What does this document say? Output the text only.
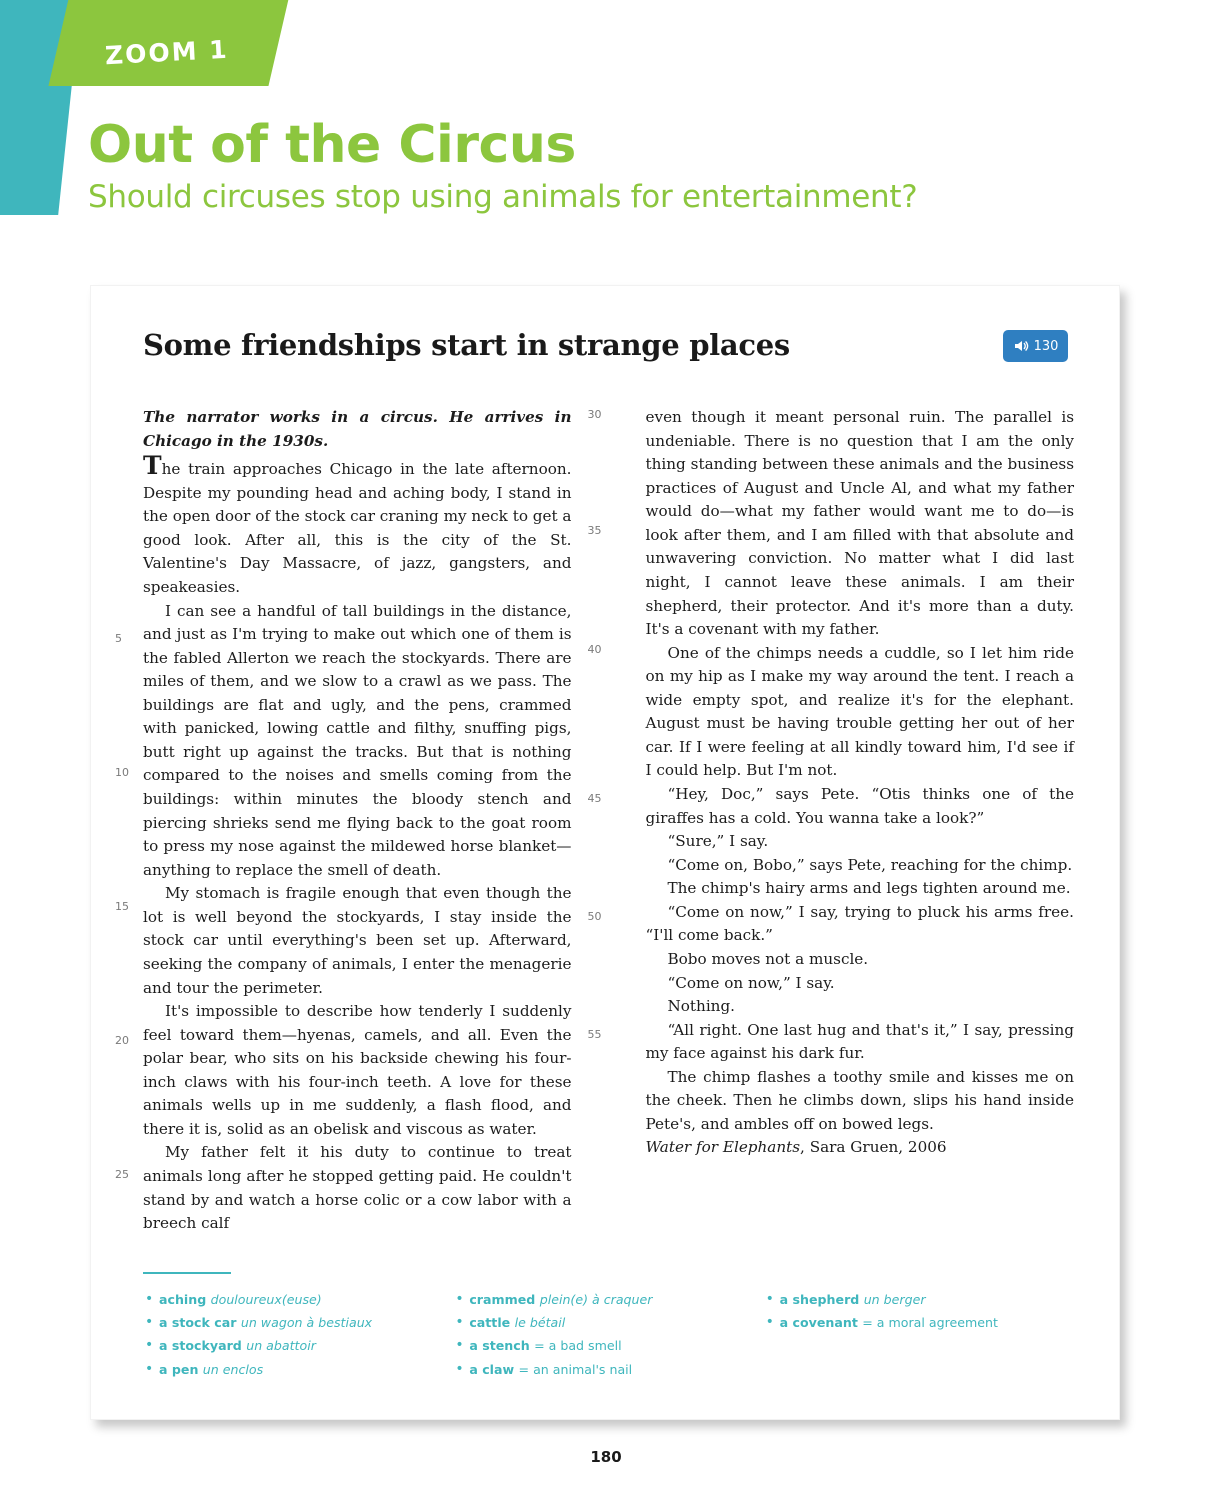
ZOOM 1
Out of the Circus

Should circuses stop using animals for entertainment?

Some friendships start in strange places	130

The narrator works in a circus. He arrives in Chicago in the 1930s.

The train approaches Chicago in the late afternoon. Despite my pounding head and aching body, I stand in the open door of the stock car craning my neck to get a good look. After all, this is the city of the St. Valentine's Day Massacre, of jazz, gangsters, and speakeasies.

I can see a handful of tall buildings in the distance, and just as I'm trying to make out which one of them is the fabled Allerton we reach the stockyards. There are miles of them, and we slow to a crawl as we pass. The buildings are flat and ugly, and the pens, crammed with panicked, lowing cattle and filthy, snuffing pigs, butt right up against the tracks. But that is nothing compared to the noises and smells coming from the buildings: within minutes the bloody stench and piercing shrieks send me flying back to the goat room to press my nose against the mildewed horse blanket—anything to replace the smell of death.

My stomach is fragile enough that even though the lot is well beyond the stockyards, I stay inside the stock car until everything's been set up. Afterward, seeking the company of animals, I enter the menagerie and tour the perimeter.

It's impossible to describe how tenderly I suddenly feel toward them—hyenas, camels, and all. Even the polar bear, who sits on his backside chewing his four-inch claws with his four-inch teeth. A love for these animals wells up in me suddenly, a flash flood, and there it is, solid as an obelisk and viscous as water.

My father felt it his duty to continue to treat animals long after he stopped getting paid. He couldn't stand by and watch a horse colic or a cow labor with a breech calf

5
10
15
20
25

even though it meant personal ruin. The parallel is undeniable. There is no question that I am the only thing standing between these animals and the business practices of August and Uncle Al, and what my father would do—what my father would want me to do—is look after them, and I am filled with that absolute and unwavering conviction. No matter what I did last night, I cannot leave these animals. I am their shepherd, their protector. And it's more than a duty. It's a covenant with my father.

One of the chimps needs a cuddle, so I let him ride on my hip as I make my way around the tent. I reach a wide empty spot, and realize it's for the elephant. August must be having trouble getting her out of her car. If I were feeling at all kindly toward him, I'd see if I could help. But I'm not.

“Hey, Doc,” says Pete. “Otis thinks one of the giraffes has a cold. You wanna take a look?”

“Sure,” I say.

“Come on, Bobo,” says Pete, reaching for the chimp.

The chimp's hairy arms and legs tighten around me.

“Come on now,” I say, trying to pluck his arms free. “I'll come back.”

Bobo moves not a muscle.

“Come on now,” I say.

Nothing.

“All right. One last hug and that's it,” I say, pressing my face against his dark fur.

The chimp flashes a toothy smile and kisses me on the cheek. Then he climbs down, slips his hand inside Pete's, and ambles off on bowed legs.

30
35
40
45
50
55

Water for Elephants, Sara Gruen, 2006

• aching douloureux(euse)
• a stock car un wagon à bestiaux
• a stockyard un abattoir
• a pen un enclos
• crammed plein(e) à craquer
• cattle le bétail
• a stench = a bad smell
• a claw = an animal's nail
• a shepherd un berger
• a covenant = a moral agreement
180
